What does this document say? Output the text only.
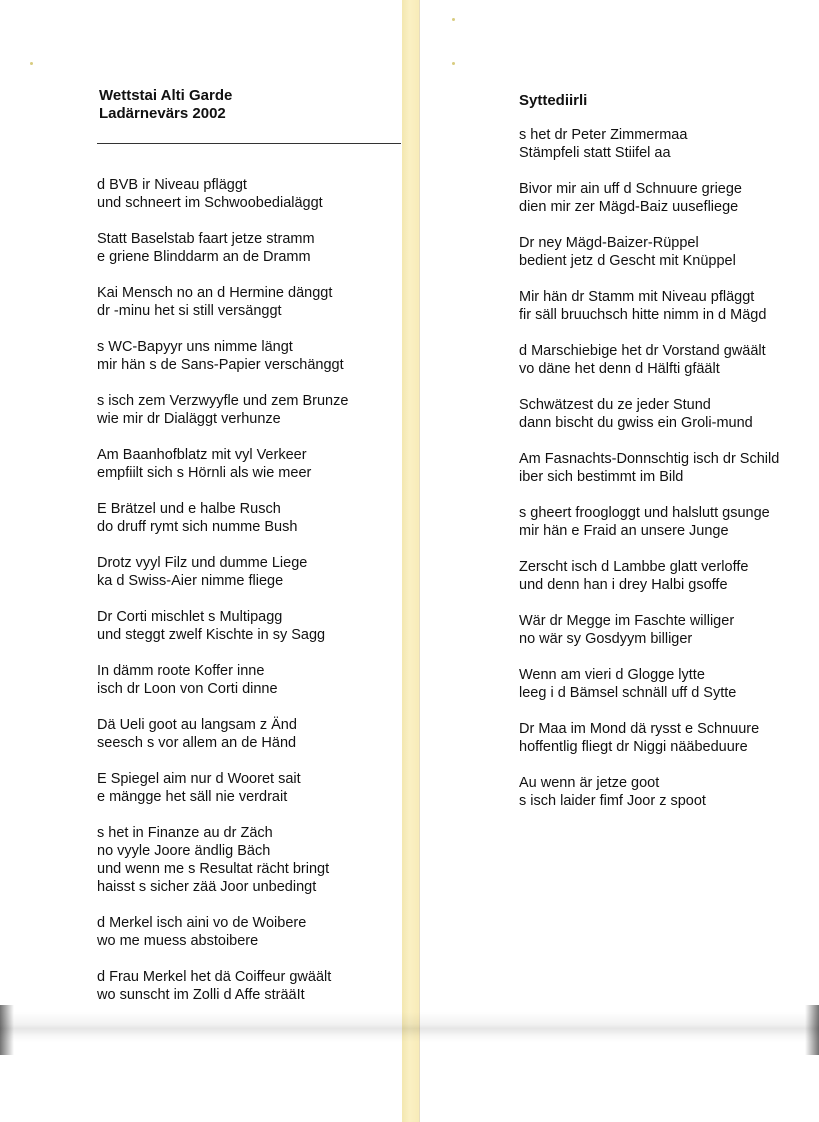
Wettstai Alti Garde
Ladärnevärs 2002
Syttediirli
d BVB ir Niveau pfläggt
und schneert im Schwoobedialäggt
Statt Baselstab faart jetze stramm
e griene Blinddarm an de Dramm
Kai Mensch no an d Hermine dänggt
dr -minu het si still versänggt
s WC-Bapyyr uns nimme längt
mir hän s de Sans-Papier verschänggt
s isch zem Verzwyyfle und zem Brunze
wie mir dr Dialäggt verhunze
Am Baanhofblatz mit vyl Verkeer
empfiilt sich s Hörnli als wie meer
E Brätzel und e halbe Rusch
do druff rymt sich numme Bush
Drotz vyyl Filz und dumme Liege
ka d Swiss-Aier nimme fliege
Dr Corti mischlet s Multipagg
und steggt zwelf Kischte in sy Sagg
In dämm roote Koffer inne
isch dr Loon von Corti dinne
Dä Ueli goot au langsam z Änd
seesch s vor allem an de Händ
E Spiegel aim nur d Wooret sait
e mängge het säll nie verdrait
s het in Finanze au dr Zäch
no vyyle Joore ändlig Bäch
und wenn me s Resultat rächt bringt
haisst s sicher zää Joor unbedingt
d Merkel isch aini vo de Woibere
wo me muess abstoibere
d Frau Merkel het dä Coiffeur gwäält
wo sunscht im Zolli d Affe strääIt
s het dr Peter Zimmermaa
Stämpfeli statt Stiifel aa
Bivor mir ain uff d Schnuure griege
dien mir zer Mägd-Baiz uusefliege
Dr ney Mägd-Baizer-Rüppel
bedient jetz d Gescht mit Knüppel
Mir hän dr Stamm mit Niveau pfläggt
fir säll bruuchsch hitte nimm in d Mägd
d Marschiebige het dr Vorstand gwäält
vo däne het denn d Hälfti gfäält
Schwätzest du ze jeder Stund
dann bischt du gwiss ein Groli-mund
Am Fasnachts-Donnschtig isch dr Schild
iber sich bestimmt im Bild
s gheert froogloggt und halslutt gsunge
mir hän e Fraid an unsere Junge
Zerscht isch d Lambbe glatt verloffe
und denn han i drey Halbi gsoffe
Wär dr Megge im Faschte williger
no wär sy Gosdyym billiger
Wenn am vieri d Glogge lytte
leeg i d Bämsel schnäll uff d Sytte
Dr Maa im Mond dä rysst e Schnuure
hoffentlig fliegt dr Niggi nääbeduure
Au wenn är jetze goot
s isch laider fimf Joor z spoot
